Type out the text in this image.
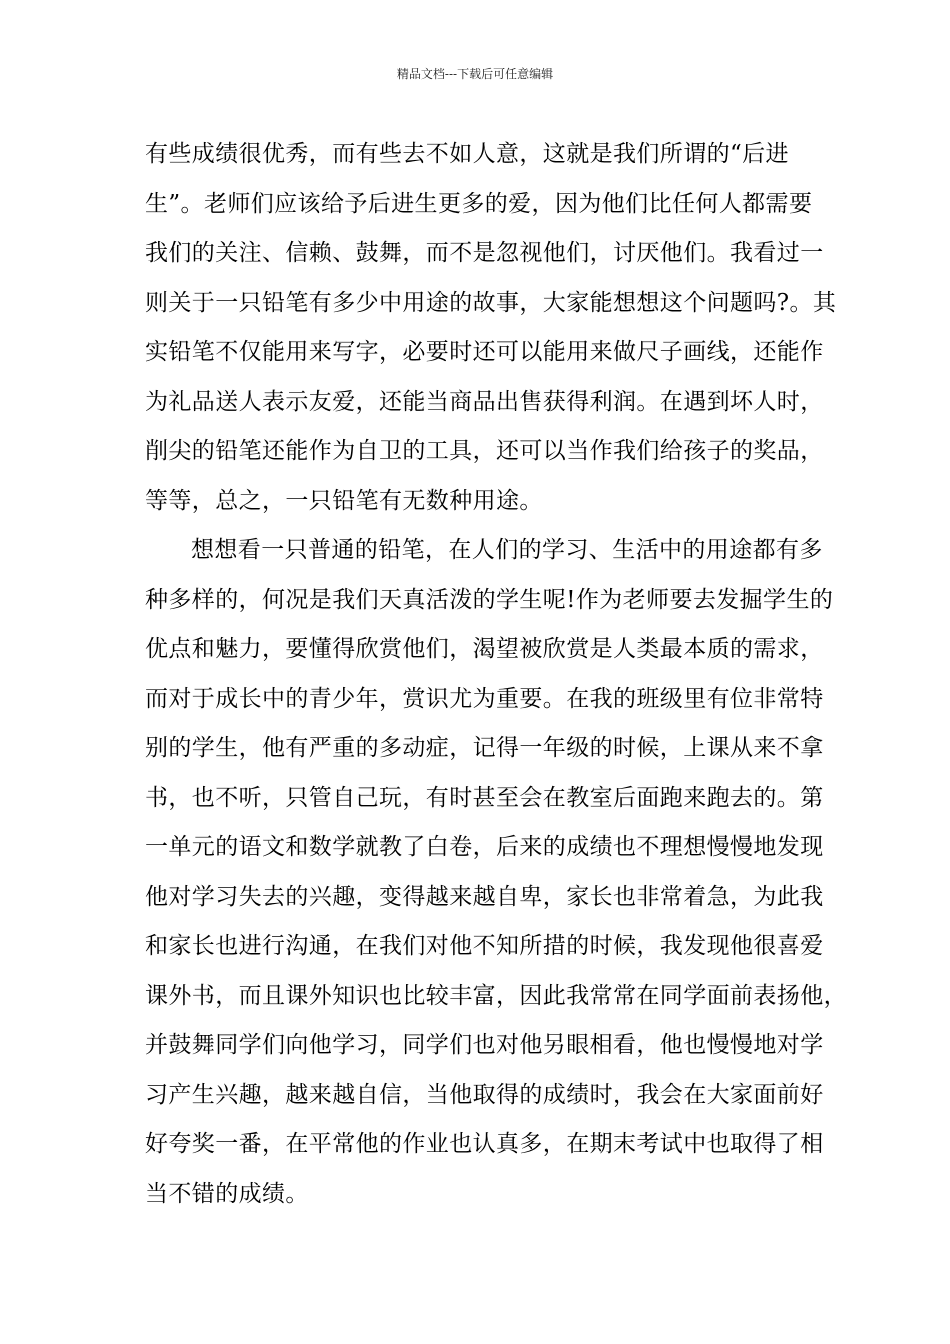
精品文档---下载后可任意编辑
有些成绩很优秀，而有些去不如人意，这就是我们所谓的“后进
生”。老师们应该给予后进生更多的爱，因为他们比任何人都需要
我们的关注、信赖、鼓舞，而不是忽视他们，讨厌他们。我看过一
则关于一只铅笔有多少中用途的故事，大家能想想这个问题吗?。其
实铅笔不仅能用来写字，必要时还可以能用来做尺子画线，还能作
为礼品送人表示友爱，还能当商品出售获得利润。在遇到坏人时，
削尖的铅笔还能作为自卫的工具，还可以当作我们给孩子的奖品，
等等，总之，一只铅笔有无数种用途。
想想看一只普通的铅笔，在人们的学习、生活中的用途都有多
种多样的，何况是我们天真活泼的学生呢!作为老师要去发掘学生的
优点和魅力，要懂得欣赏他们，渴望被欣赏是人类最本质的需求，
而对于成长中的青少年，赏识尤为重要。在我的班级里有位非常特
别的学生，他有严重的多动症，记得一年级的时候，上课从来不拿
书，也不听，只管自己玩，有时甚至会在教室后面跑来跑去的。第
一单元的语文和数学就教了白卷，后来的成绩也不理想慢慢地发现
他对学习失去的兴趣，变得越来越自卑，家长也非常着急，为此我
和家长也进行沟通，在我们对他不知所措的时候，我发现他很喜爱
课外书，而且课外知识也比较丰富，因此我常常在同学面前表扬他，
并鼓舞同学们向他学习，同学们也对他另眼相看，他也慢慢地对学
习产生兴趣，越来越自信，当他取得的成绩时，我会在大家面前好
好夸奖一番，在平常他的作业也认真多，在期末考试中也取得了相
当不错的成绩。
